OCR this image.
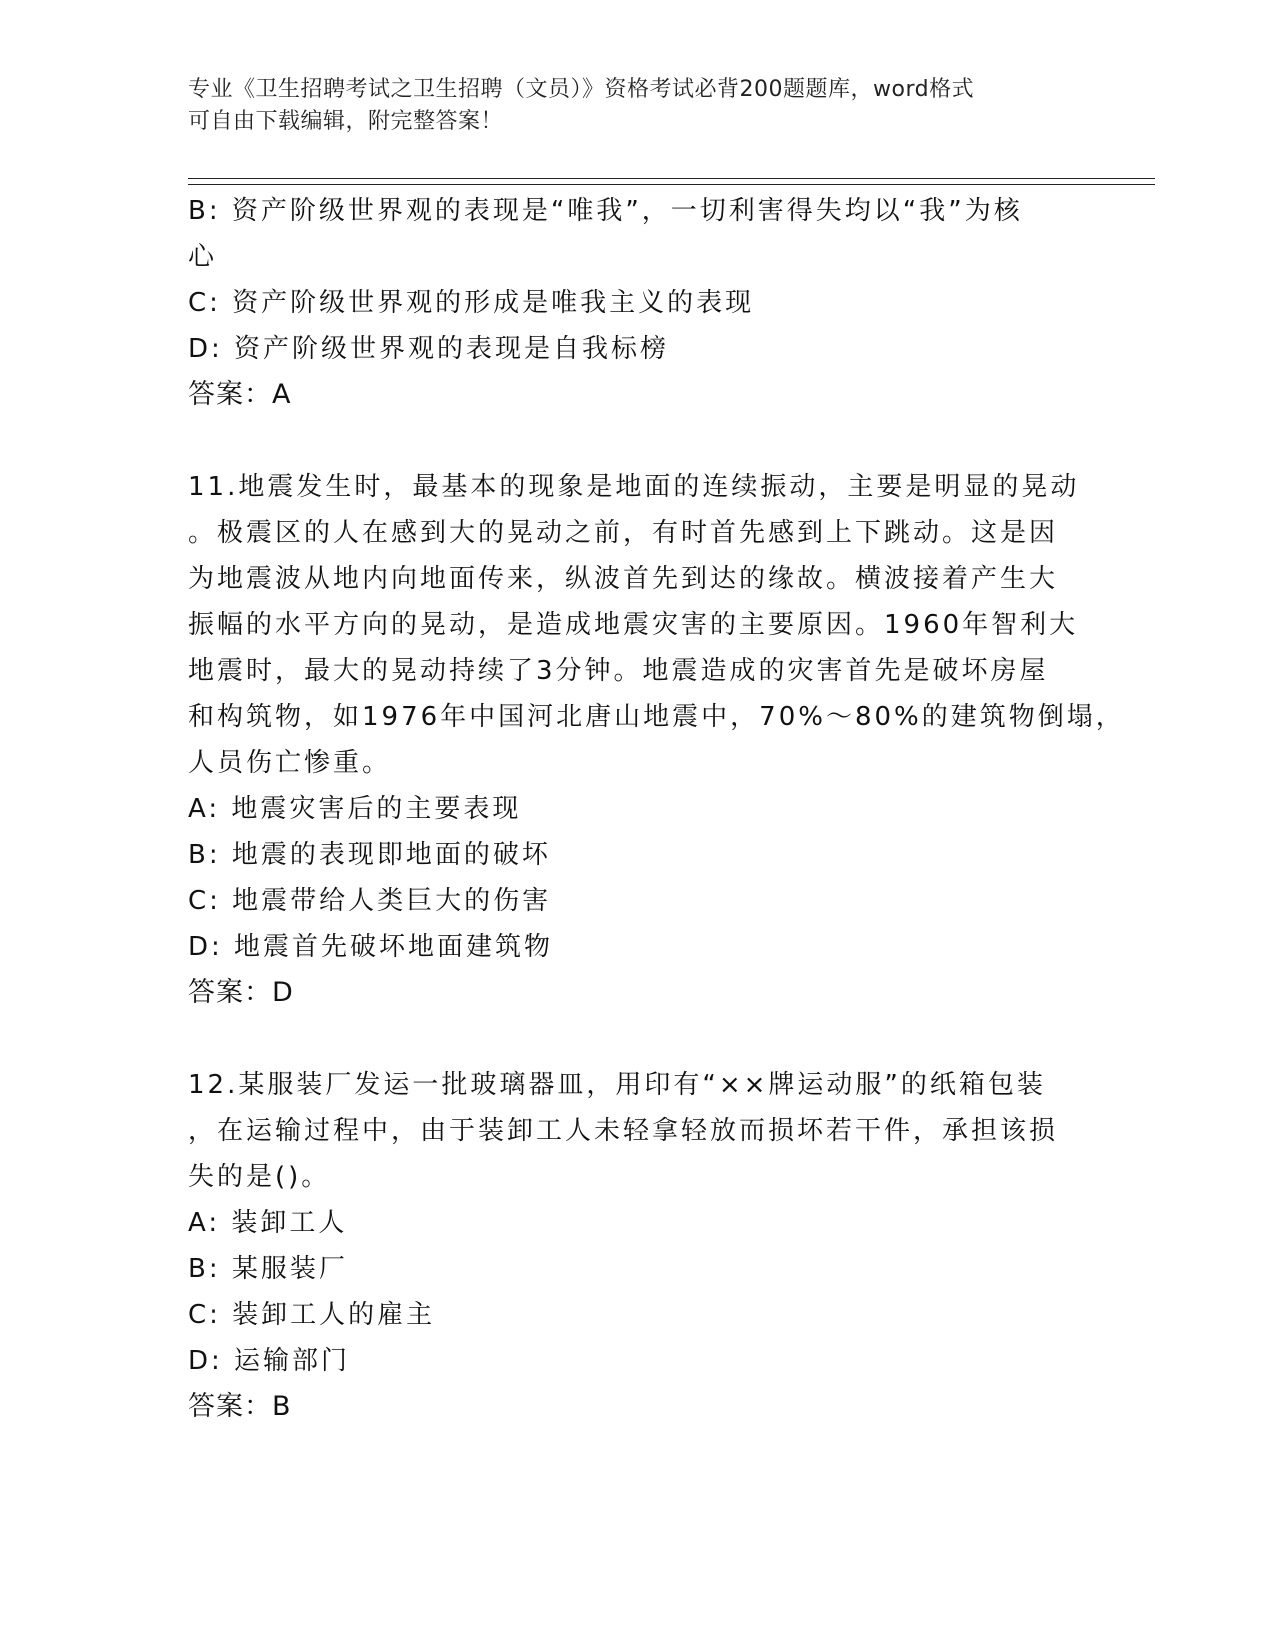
专业《卫生招聘考试之卫生招聘（文员）》资格考试必背200题题库，word格式
可自由下载编辑，附完整答案！
B: 资产阶级世界观的表现是“唯我”，一切利害得失均以“我”为核
心
C: 资产阶级世界观的形成是唯我主义的表现
D: 资产阶级世界观的表现是自我标榜
答案：A
11.地震发生时，最基本的现象是地面的连续振动，主要是明显的晃动
。极震区的人在感到大的晃动之前，有时首先感到上下跳动。这是因
为地震波从地内向地面传来，纵波首先到达的缘故。横波接着产生大
振幅的水平方向的晃动，是造成地震灾害的主要原因。1960年智利大
地震时，最大的晃动持续了3分钟。地震造成的灾害首先是破坏房屋
和构筑物，如1976年中国河北唐山地震中，70%～80%的建筑物倒塌，
人员伤亡惨重。
A: 地震灾害后的主要表现
B: 地震的表现即地面的破坏
C: 地震带给人类巨大的伤害
D: 地震首先破坏地面建筑物
答案：D
12.某服装厂发运一批玻璃器皿，用印有“××牌运动服”的纸箱包装
，在运输过程中，由于装卸工人未轻拿轻放而损坏若干件，承担该损
失的是()。
A: 装卸工人
B: 某服装厂
C: 装卸工人的雇主
D: 运输部门
答案：B
